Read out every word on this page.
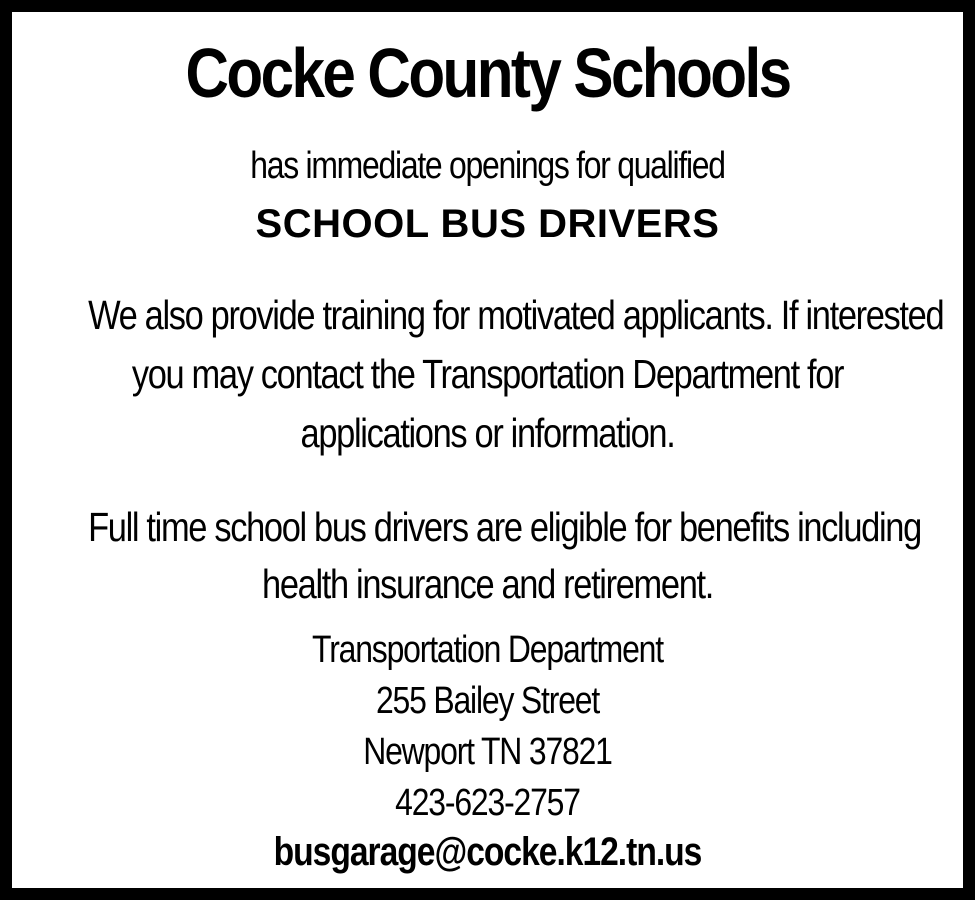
Cocke County Schools
has immediate openings for qualified
SCHOOL BUS DRIVERS
We also provide training for motivated applicants. If interested
you may contact the Transportation Department for
applications or information.
Full time school bus drivers are eligible for benefits including
health insurance and retirement.
Transportation Department
255 Bailey Street
Newport TN 37821
423-623-2757
busgarage@cocke.k12.tn.us
